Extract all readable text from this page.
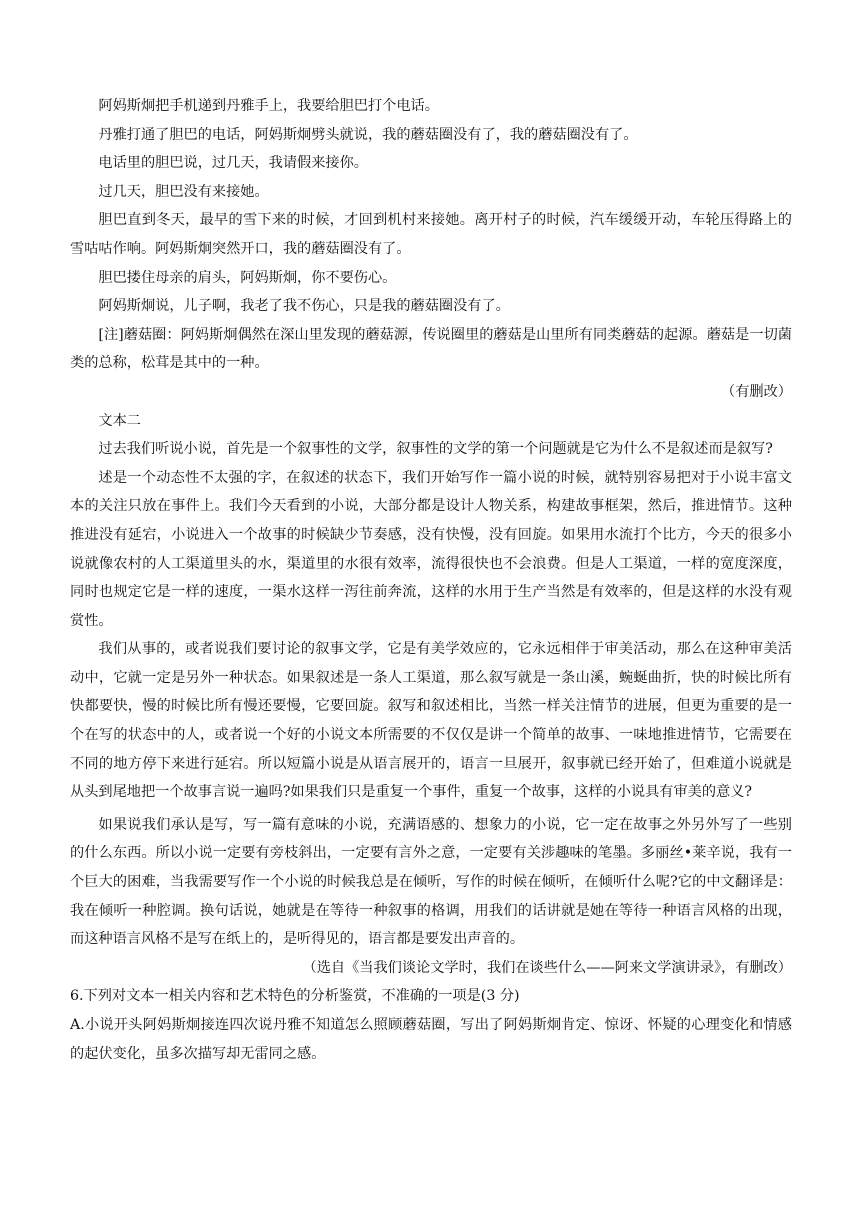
阿妈斯炯把手机递到丹雅手上，我要给胆巴打个电话。

丹雅打通了胆巴的电话，阿妈斯炯劈头就说，我的蘑菇圈没有了，我的蘑菇圈没有了。

电话里的胆巴说，过几天，我请假来接你。

过几天，胆巴没有来接她。

胆巴直到冬天，最早的雪下来的时候，才回到机村来接她。离开村子的时候，汽车缓缓开动，车轮压得路上的雪咕咕作响。阿妈斯炯突然开口，我的蘑菇圈没有了。

胆巴搂住母亲的肩头，阿妈斯炯，你不要伤心。

阿妈斯炯说，儿子啊，我老了我不伤心，只是我的蘑菇圈没有了。

[注]蘑菇圈：阿妈斯炯偶然在深山里发现的蘑菇源，传说圈里的蘑菇是山里所有同类蘑菇的起源。蘑菇是一切菌类的总称，松茸是其中的一种。

（有删改）

文本二

过去我们听说小说，首先是一个叙事性的文学，叙事性的文学的第一个问题就是它为什么不是叙述而是叙写?

述是一个动态性不太强的字，在叙述的状态下，我们开始写作一篇小说的时候，就特别容易把对于小说丰富文本的关注只放在事件上。我们今天看到的小说，大部分都是设计人物关系，构建故事框架，然后，推进情节。这种推进没有延宕，小说进入一个故事的时候缺少节奏感，没有快慢，没有回旋。如果用水流打个比方，今天的很多小说就像农村的人工渠道里头的水，渠道里的水很有效率，流得很快也不会浪费。但是人工渠道，一样的宽度深度，同时也规定它是一样的速度，一渠水这样一泻往前奔流，这样的水用于生产当然是有效率的，但是这样的水没有观赏性。

我们从事的，或者说我们要讨论的叙事文学，它是有美学效应的，它永远相伴于审美活动，那么在这种审美活动中，它就一定是另外一种状态。如果叙述是一条人工渠道，那么叙写就是一条山溪，蜿蜒曲折，快的时候比所有快都要快，慢的时候比所有慢还要慢，它要回旋。叙写和叙述相比，当然一样关注情节的进展，但更为重要的是一个在写的状态中的人，或者说一个好的小说文本所需要的不仅仅是讲一个简单的故事、一味地推进情节，它需要在不同的地方停下来进行延宕。所以短篇小说是从语言展开的，语言一旦展开，叙事就已经开始了，但难道小说就是从头到尾地把一个故事言说一遍吗?如果我们只是重复一个事件，重复一个故事，这样的小说具有审美的意义?

如果说我们承认是写，写一篇有意味的小说，充满语感的、想象力的小说，它一定在故事之外另外写了一些别的什么东西。所以小说一定要有旁枝斜出，一定要有言外之意，一定要有关涉趣味的笔墨。多丽丝•莱辛说，我有一个巨大的困难，当我需要写作一个小说的时候我总是在倾听，写作的时候在倾听，在倾听什么呢?它的中文翻译是：我在倾听一种腔调。换句话说，她就是在等待一种叙事的格调，用我们的话讲就是她在等待一种语言风格的出现，而这种语言风格不是写在纸上的，是听得见的，语言都是要发出声音的。

（选自《当我们谈论文学时，我们在谈些什么——阿来文学演讲录》，有删改）

6.下列对文本一相关内容和艺术特色的分析鉴赏，不准确的一项是(3 分)

A.小说开头阿妈斯炯接连四次说丹雅不知道怎么照顾蘑菇圈，写出了阿妈斯炯肯定、惊讶、怀疑的心理变化和情感的起伏变化，虽多次描写却无雷同之感。
